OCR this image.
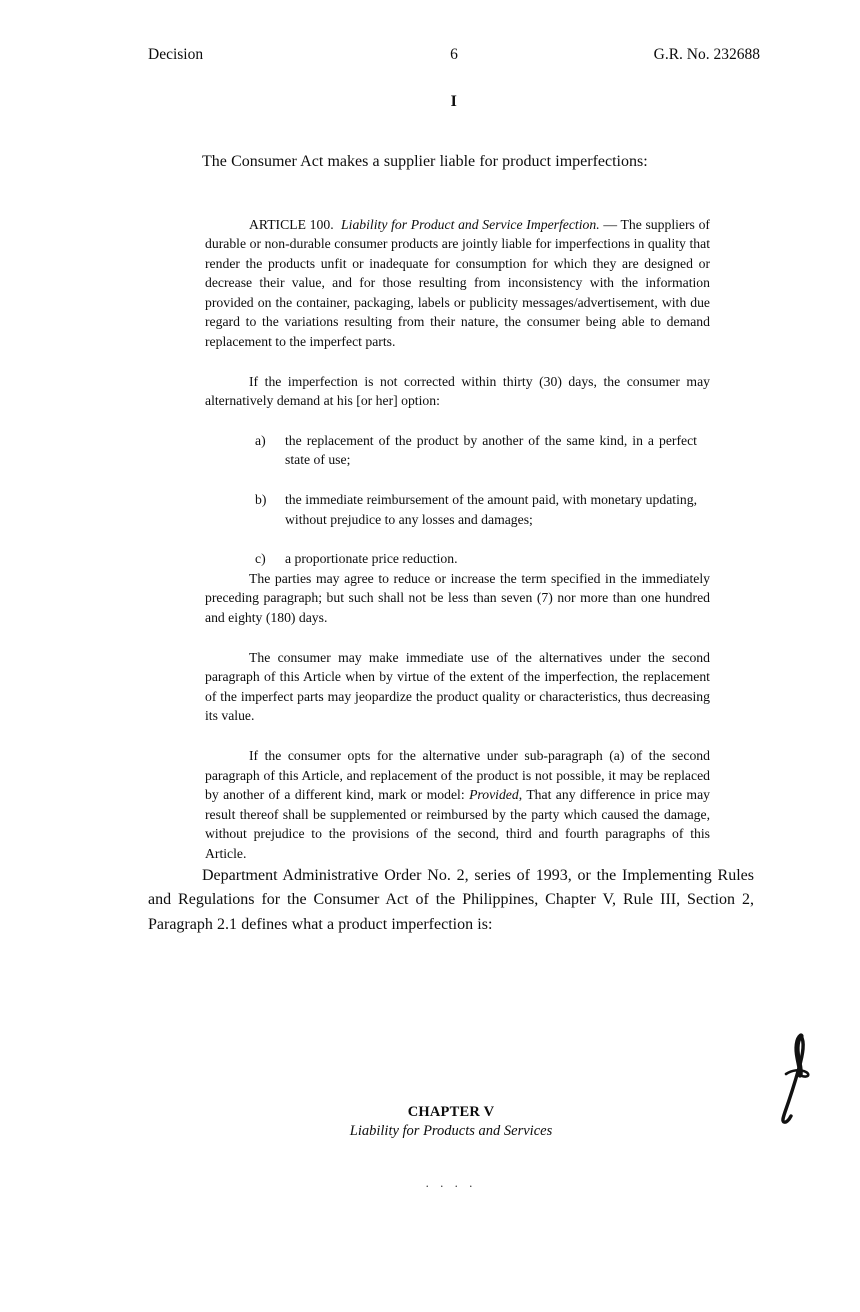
Decision	6	G.R. No. 232688
I

The Consumer Act makes a supplier liable for product imperfections:

ARTICLE 100. Liability for Product and Service Imperfection. — The suppliers of durable or non-durable consumer products are jointly liable for imperfections in quality that render the products unfit or inadequate for consumption for which they are designed or decrease their value, and for those resulting from inconsistency with the information provided on the container, packaging, labels or publicity messages/advertisement, with due regard to the variations resulting from their nature, the consumer being able to demand replacement to the imperfect parts.

If the imperfection is not corrected within thirty (30) days, the consumer may alternatively demand at his [or her] option:

a) the replacement of the product by another of the same kind, in a perfect state of use;
b) the immediate reimbursement of the amount paid, with monetary updating, without prejudice to any losses and damages;
c) a proportionate price reduction.

The parties may agree to reduce or increase the term specified in the immediately preceding paragraph; but such shall not be less than seven (7) nor more than one hundred and eighty (180) days.

The consumer may make immediate use of the alternatives under the second paragraph of this Article when by virtue of the extent of the imperfection, the replacement of the imperfect parts may jeopardize the product quality or characteristics, thus decreasing its value.

If the consumer opts for the alternative under sub-paragraph (a) of the second paragraph of this Article, and replacement of the product is not possible, it may be replaced by another of a different kind, mark or model: Provided, That any difference in price may result thereof shall be supplemented or reimbursed by the party which caused the damage, without prejudice to the provisions of the second, third and fourth paragraphs of this Article.

Department Administrative Order No. 2, series of 1993, or the Implementing Rules and Regulations for the Consumer Act of the Philippines, Chapter V, Rule III, Section 2, Paragraph 2.1 defines what a product imperfection is:

CHAPTER V
Liability for Products and Services
. . . .
